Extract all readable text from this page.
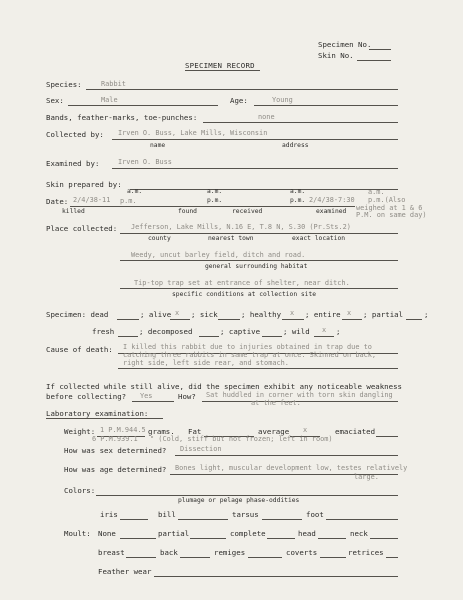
Specimen No.
Skin No.
SPECIMEN RECORD
Species:	Rabbit
Sex:	Male	Age:	Young
Bands, feather-marks, toe-punches:	none
Collected by: Irven O. Buss, Lake Mills, Wisconsin
name	address
Examined by:	Irven O. Buss
Skin prepared by:
a.m.	a.m.	a.m.	a.m.
Date: 2/4/38-11 p.m.	p.m.	p.m. 2/4/38-7:30 p.m.(Also
weighed at 1 & 6
killed	found	received	examined P.M. on same day)
Place collected: Jefferson, Lake Mills, N.16 E, T.8 N, S.30 (Pr.Sts.2)
county	nearest town	exact location
Weedy, uncut barley field, ditch and road.
general surrounding habitat
Tip-top trap set at entrance of shelter, near ditch.
specific conditions at collection site
Specimen: dead	; alive x ; sick	; healthy x ; entire x ; partial	;
fresh	; decomposed	; captive	; wild x ;
Cause of death: I killed this rabbit due to injuries obtained in trap due to
catching three rabbits in same trap at once. Skinned on back,
right side, left side rear, and stomach.
If collected while still alive, did the specimen exhibit any noticeable weakness
before collecting? Yes	How? Sat huddled in corner with torn skin dangling
at the feet.
Laboratory examination:
Weight: 1 P.M.944.5 grams. Fat	average x	emaciated
6 P.M.939.1 " (Cold, stiff but not frozen; left in room)
How was sex determined? Dissection
How was age determined? Bones light, muscular development low, testes relatively
large.
Colors:
plumage or pelage phase-oddities
iris	bill	tarsus	foot
Moult: None	partial	complete	head	neck
breast	back	remiges	coverts	retrices
Feather wear
